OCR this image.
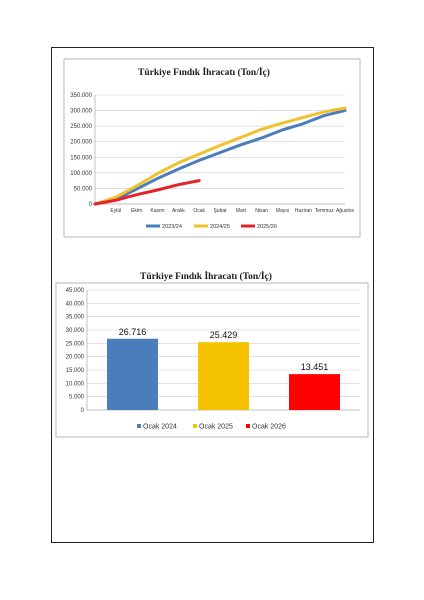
Türkiye Fındık İhracatı (Ton/İç)
0
50.000
100.000
150.000
200.000
250.000
300.000
350.000
Eylül Ekim Kasım Aralık Ocak Şubat Mart Nisan Mayıs Haziran Temmuz Ağustos
2023/24	2024/25	2025/26
Türkiye Fındık İhracatı (Ton/İç)
0
5.000
10.000
15.000
20.000
25.000
30.000
35.000
40.000
45.000
26.716	25.429
13.451
Ocak 2024	Ocak 2025	Ocak 2026
